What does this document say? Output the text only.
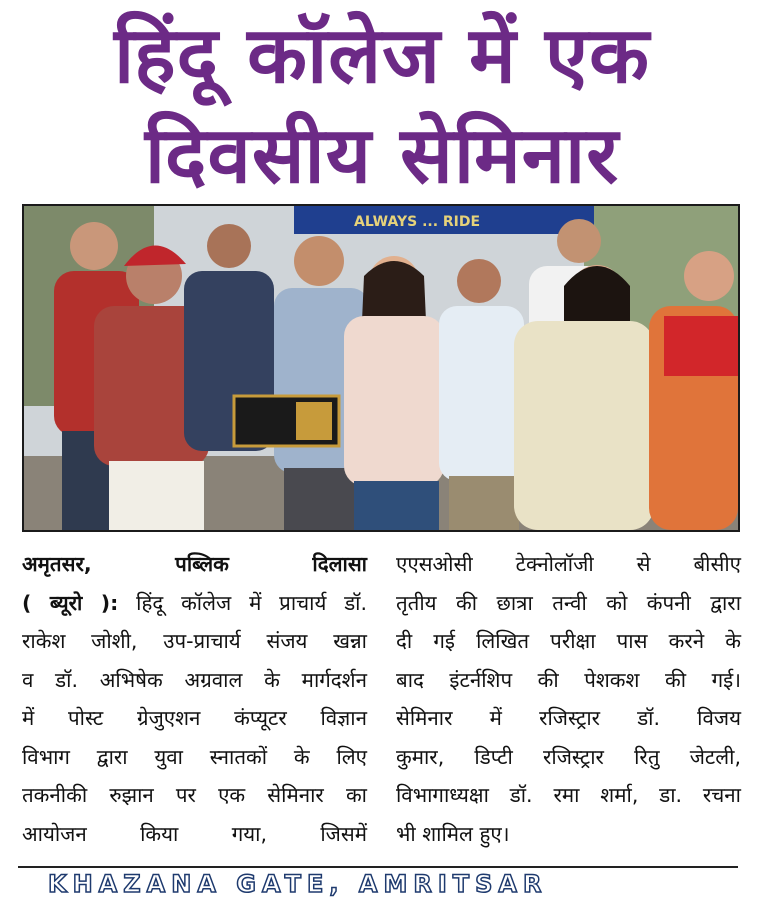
हिंदू कॉलेज में एक
दिवसीय सेमिनार
ALWAYS ... RIDE
अमृतसर,	पब्लिक	दिलासा
( ब्यूरो ): हिंदू कॉलेज में प्राचार्य डॉ.
राकेश जोशी, उप-प्राचार्य संजय खन्ना
व डॉ. अभिषेक अग्रवाल के मार्गदर्शन
में पोस्ट ग्रेजुएशन कंप्यूटर विज्ञान
विभाग द्वारा युवा स्नातकों के लिए
तकनीकी रुझान पर एक सेमिनार का
आयोजन किया गया, जिसमें
एएसओसी टेक्नोलॉजी से बीसीए
तृतीय की छात्रा तन्वी को कंपनी द्वारा
दी गई लिखित परीक्षा पास करने के
बाद इंटर्नशिप की पेशकश की गई।
सेमिनार में रजिस्ट्रार डॉ. विजय
कुमार, डिप्टी रजिस्ट्रार रितु जेटली,
विभागाध्यक्षा डॉ. रमा शर्मा, डा. रचना
भी शामिल हुए।
KHAZANA GATE, AMRITSAR
